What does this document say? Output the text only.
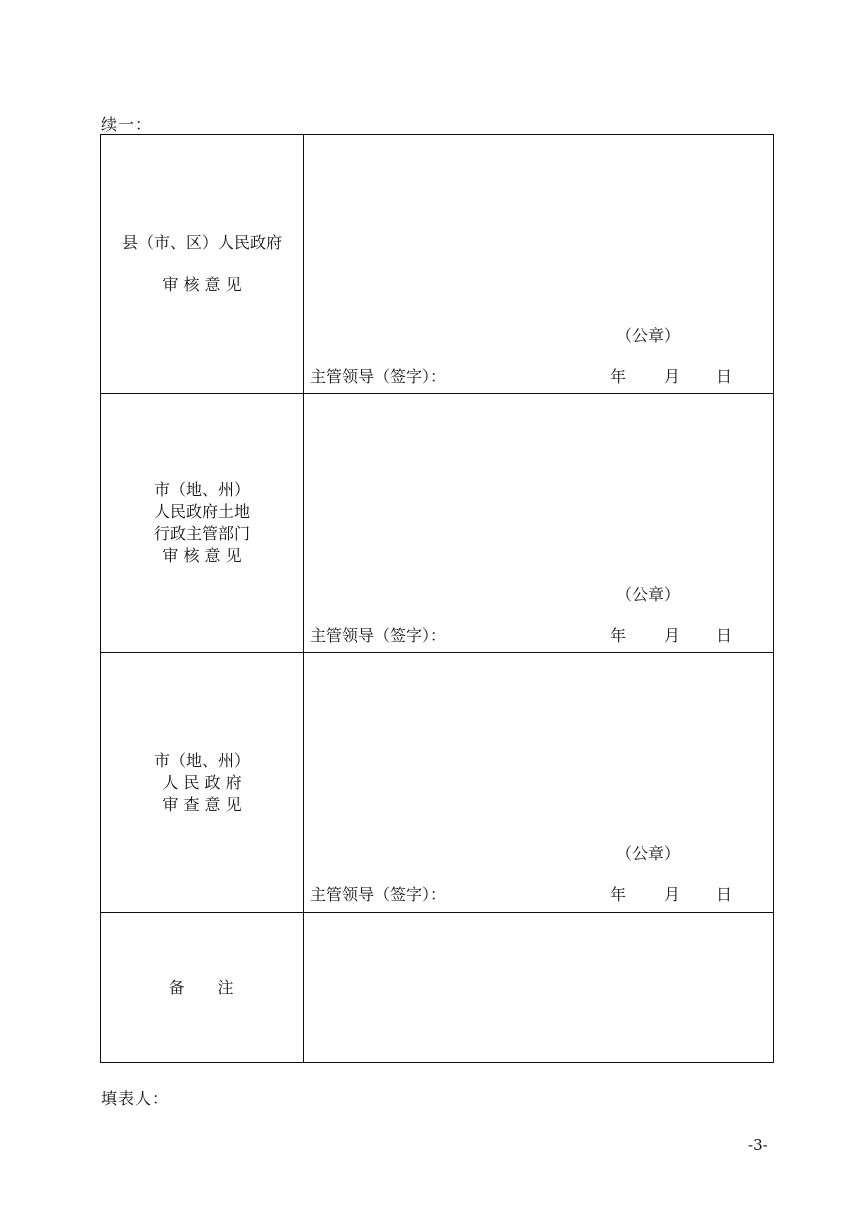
续一：
县（市、区）人民政府
审 核 意 见	（公章）
主管领导（签字）： 年 月 日

市（地、州）
人民政府土地
行政主管部门
审 核 意 见	（公章）
主管领导（签字）： 年 月 日

市（地、州）
人 民 政 府
审 查 意 见	（公章）
主管领导（签字）： 年 月 日

备 注	

填表人：
-3-
